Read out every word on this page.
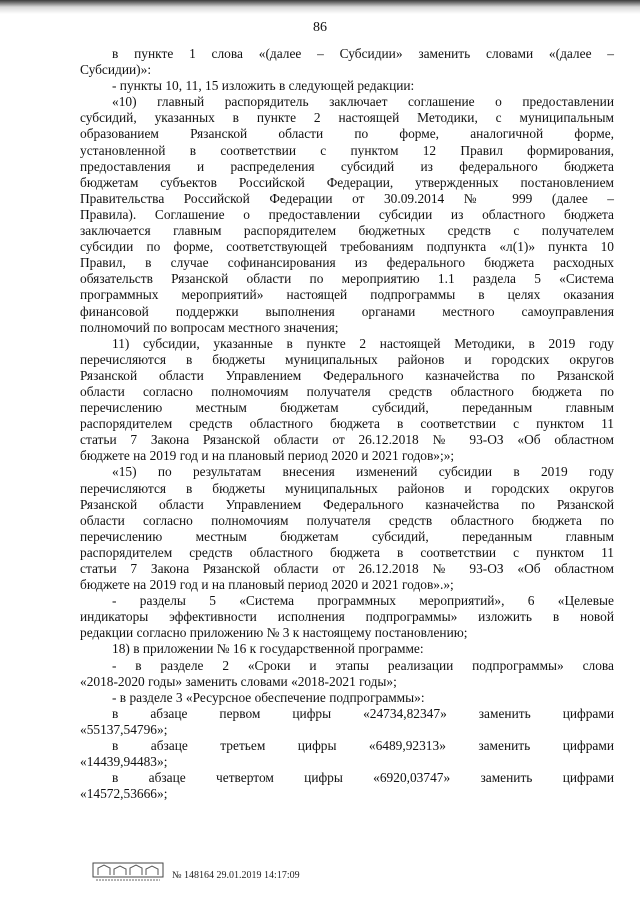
86
в пункте 1 слова «(далее – Субсидии» заменить словами «(далее –
Субсидии)»:
- пункты 10, 11, 15 изложить в следующей редакции:
«10) главный распорядитель заключает соглашение о предоставлении
субсидий, указанных в пункте 2 настоящей Методики, с муниципальным
образованием Рязанской области по форме, аналогичной форме,
установленной в соответствии с пунктом 12 Правил формирования,
предоставления и распределения субсидий из федерального бюджета
бюджетам субъектов Российской Федерации, утвержденных постановлением
Правительства Российской Федерации от 30.09.2014 № 999 (далее –
Правила). Соглашение о предоставлении субсидии из областного бюджета
заключается главным распорядителем бюджетных средств с получателем
субсидии по форме, соответствующей требованиям подпункта «л(1)» пункта 10
Правил, в случае софинансирования из федерального бюджета расходных
обязательств Рязанской области по мероприятию 1.1 раздела 5 «Система
программных мероприятий» настоящей подпрограммы в целях оказания
финансовой поддержки выполнения органами местного самоуправления
полномочий по вопросам местного значения;
11) субсидии, указанные в пункте 2 настоящей Методики, в 2019 году
перечисляются в бюджеты муниципальных районов и городских округов
Рязанской области Управлением Федерального казначейства по Рязанской
области согласно полномочиям получателя средств областного бюджета по
перечислению местным бюджетам субсидий, переданным главным
распорядителем средств областного бюджета в соответствии с пунктом 11
статьи 7 Закона Рязанской области от 26.12.2018 № 93-ОЗ «Об областном
бюджете на 2019 год и на плановый период 2020 и 2021 годов»;»;
«15) по результатам внесения изменений субсидии в 2019 году
перечисляются в бюджеты муниципальных районов и городских округов
Рязанской области Управлением Федерального казначейства по Рязанской
области согласно полномочиям получателя средств областного бюджета по
перечислению местным бюджетам субсидий, переданным главным
распорядителем средств областного бюджета в соответствии с пунктом 11
статьи 7 Закона Рязанской области от 26.12.2018 № 93-ОЗ «Об областном
бюджете на 2019 год и на плановый период 2020 и 2021 годов».»;
- разделы 5 «Система программных мероприятий», 6 «Целевые
индикаторы эффективности исполнения подпрограммы» изложить в новой
редакции согласно приложению № 3 к настоящему постановлению;
18) в приложении № 16 к государственной программе:
- в разделе 2 «Сроки и этапы реализации подпрограммы» слова
«2018-2020 годы» заменить словами «2018-2021 годы»;
- в разделе 3 «Ресурсное обеспечение подпрограммы»:
в абзаце первом цифры «24734,82347» заменить цифрами
«55137,54796»;
в абзаце третьем цифры «6489,92313» заменить цифрами
«14439,94483»;
в абзаце четвертом цифры «6920,03747» заменить цифрами
«14572,53666»;
№ 148164 29.01.2019 14:17:09
